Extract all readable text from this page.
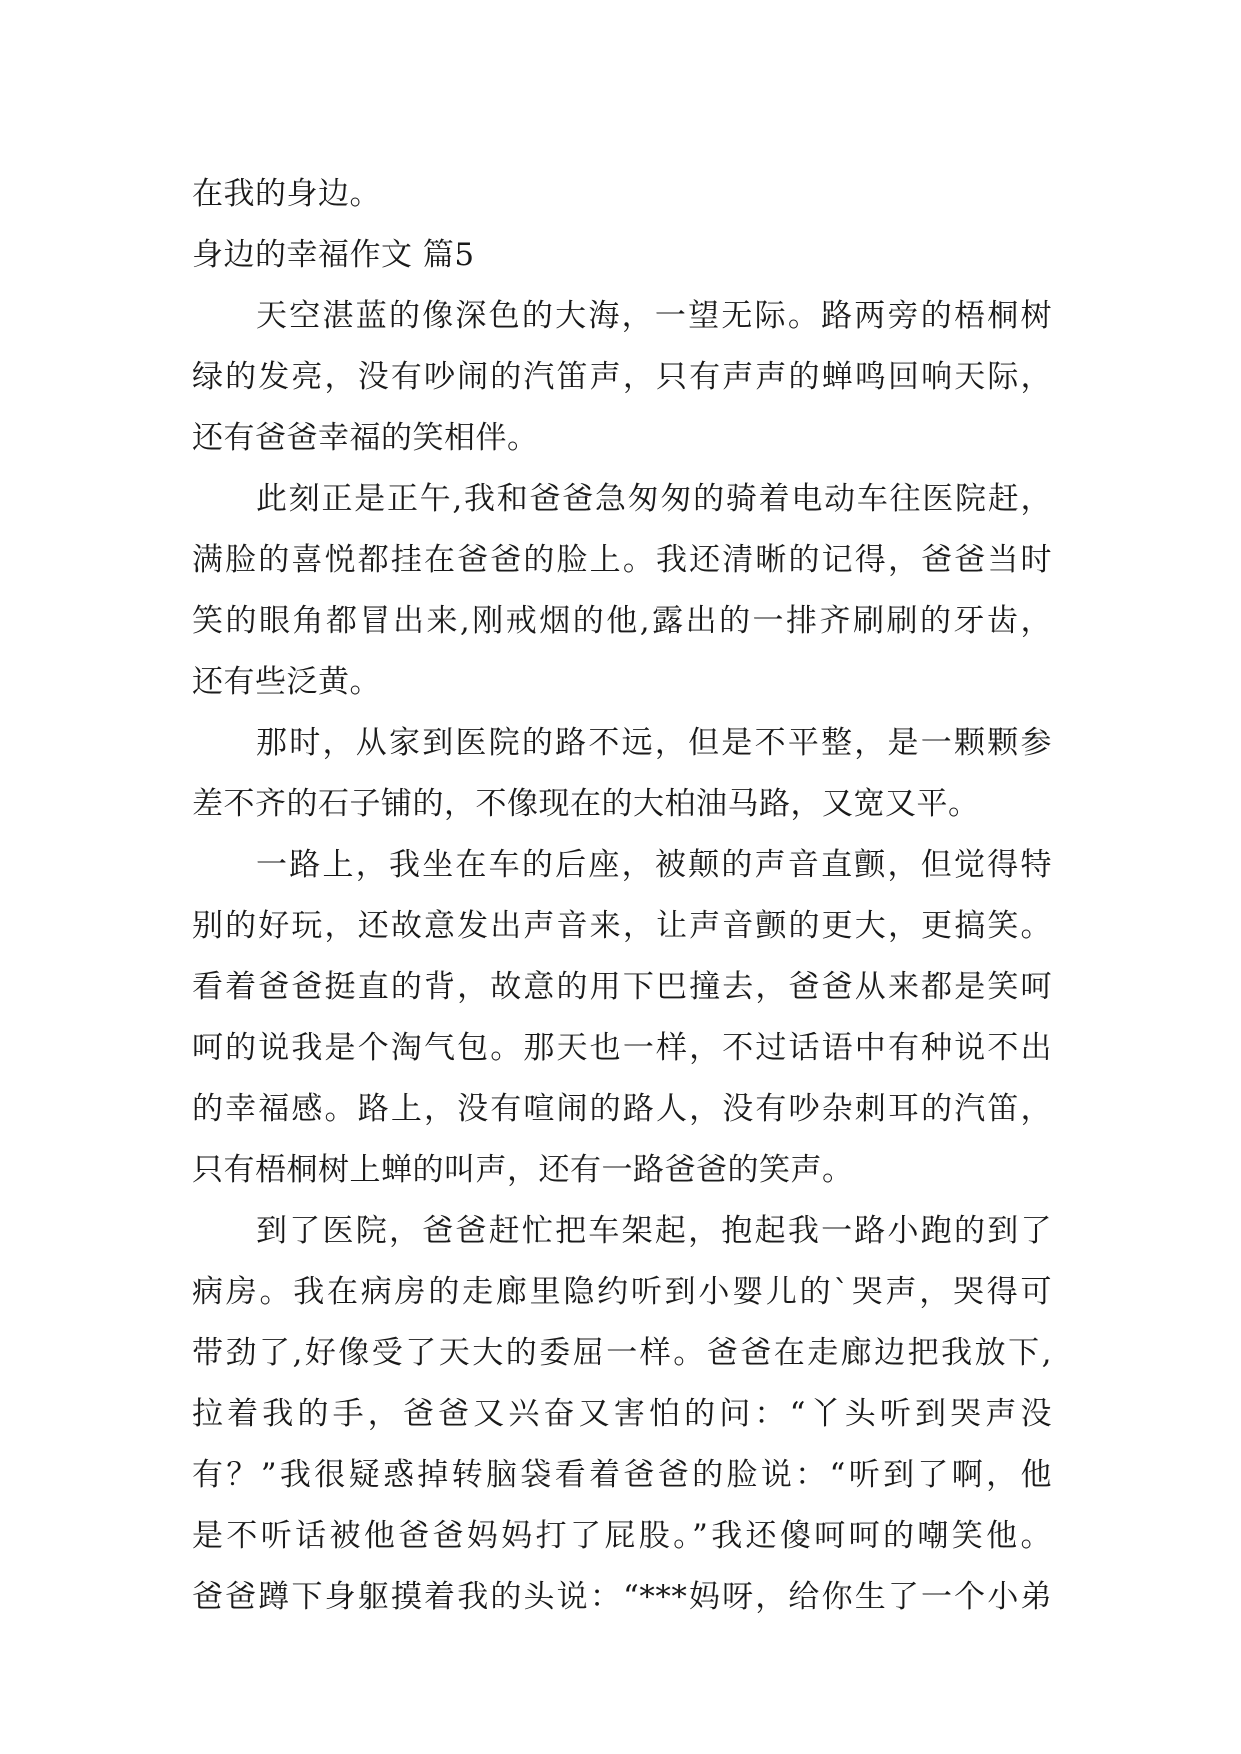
在我的身边。
身边的幸福作文 篇5
天空湛蓝的像深色的大海，一望无际。路两旁的梧桐树
绿的发亮，没有吵闹的汽笛声，只有声声的蝉鸣回响天际，
还有爸爸幸福的笑相伴。
此刻正是正午,我和爸爸急匆匆的骑着电动车往医院赶，
满脸的喜悦都挂在爸爸的脸上。我还清晰的记得，爸爸当时
笑的眼角都冒出来,刚戒烟的他,露出的一排齐刷刷的牙齿，
还有些泛黄。
那时，从家到医院的路不远，但是不平整，是一颗颗参
差不齐的石子铺的，不像现在的大柏油马路，又宽又平。
一路上，我坐在车的后座，被颠的声音直颤，但觉得特
别的好玩，还故意发出声音来，让声音颤的更大，更搞笑。
看着爸爸挺直的背，故意的用下巴撞去，爸爸从来都是笑呵
呵的说我是个淘气包。那天也一样，不过话语中有种说不出
的幸福感。路上，没有喧闹的路人，没有吵杂刺耳的汽笛，
只有梧桐树上蝉的叫声，还有一路爸爸的笑声。
到了医院，爸爸赶忙把车架起，抱起我一路小跑的到了
病房。我在病房的走廊里隐约听到小婴儿的`哭声，哭得可
带劲了,好像受了天大的委屈一样。爸爸在走廊边把我放下,
拉着我的手，爸爸又兴奋又害怕的问：“丫头听到哭声没
有？”我很疑惑掉转脑袋看着爸爸的脸说：“听到了啊，他
是不听话被他爸爸妈妈打了屁股。”我还傻呵呵的嘲笑他。
爸爸蹲下身躯摸着我的头说：“***妈呀，给你生了一个小弟
